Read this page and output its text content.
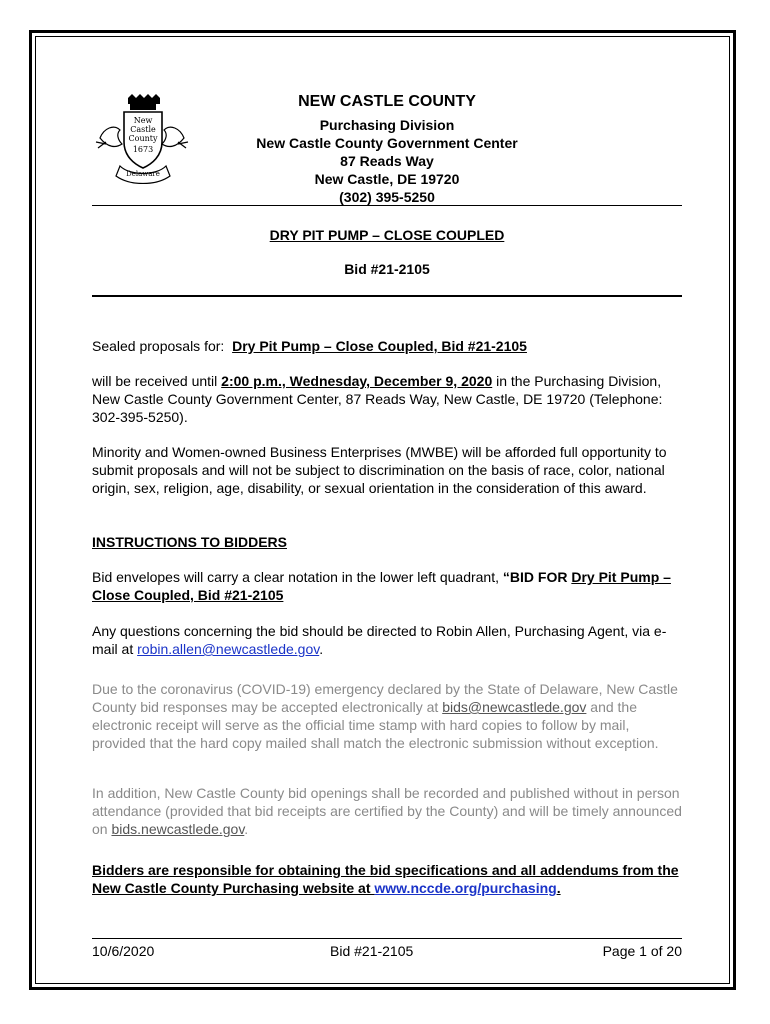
New
Castle
County
1673
Delaware
NEW CASTLE COUNTY
Purchasing Division
New Castle County Government Center
87 Reads Way
New Castle, DE 19720
(302) 395-5250
DRY PIT PUMP – CLOSE COUPLED
Bid #21-2105
Sealed proposals for: Dry Pit Pump – Close Coupled, Bid #21-2105
will be received until 2:00 p.m., Wednesday, December 9, 2020 in the Purchasing Division, New Castle County Government Center, 87 Reads Way, New Castle, DE 19720 (Telephone: 302-395-5250).
Minority and Women-owned Business Enterprises (MWBE) will be afforded full opportunity to submit proposals and will not be subject to discrimination on the basis of race, color, national origin, sex, religion, age, disability, or sexual orientation in the consideration of this award.
INSTRUCTIONS TO BIDDERS
Bid envelopes will carry a clear notation in the lower left quadrant, “BID FOR Dry Pit Pump – Close Coupled, Bid #21-2105
Any questions concerning the bid should be directed to Robin Allen, Purchasing Agent, via e-mail at robin.allen@newcastlede.gov.
Due to the coronavirus (COVID-19) emergency declared by the State of Delaware, New Castle County bid responses may be accepted electronically at bids@newcastlede.gov and the electronic receipt will serve as the official time stamp with hard copies to follow by mail, provided that the hard copy mailed shall match the electronic submission without exception.
In addition, New Castle County bid openings shall be recorded and published without in person attendance (provided that bid receipts are certified by the County) and will be timely announced on bids.newcastlede.gov.
Bidders are responsible for obtaining the bid specifications and all addendums from the New Castle County Purchasing website at www.nccde.org/purchasing.
10/6/2020	Bid #21-2105	Page 1 of 20
